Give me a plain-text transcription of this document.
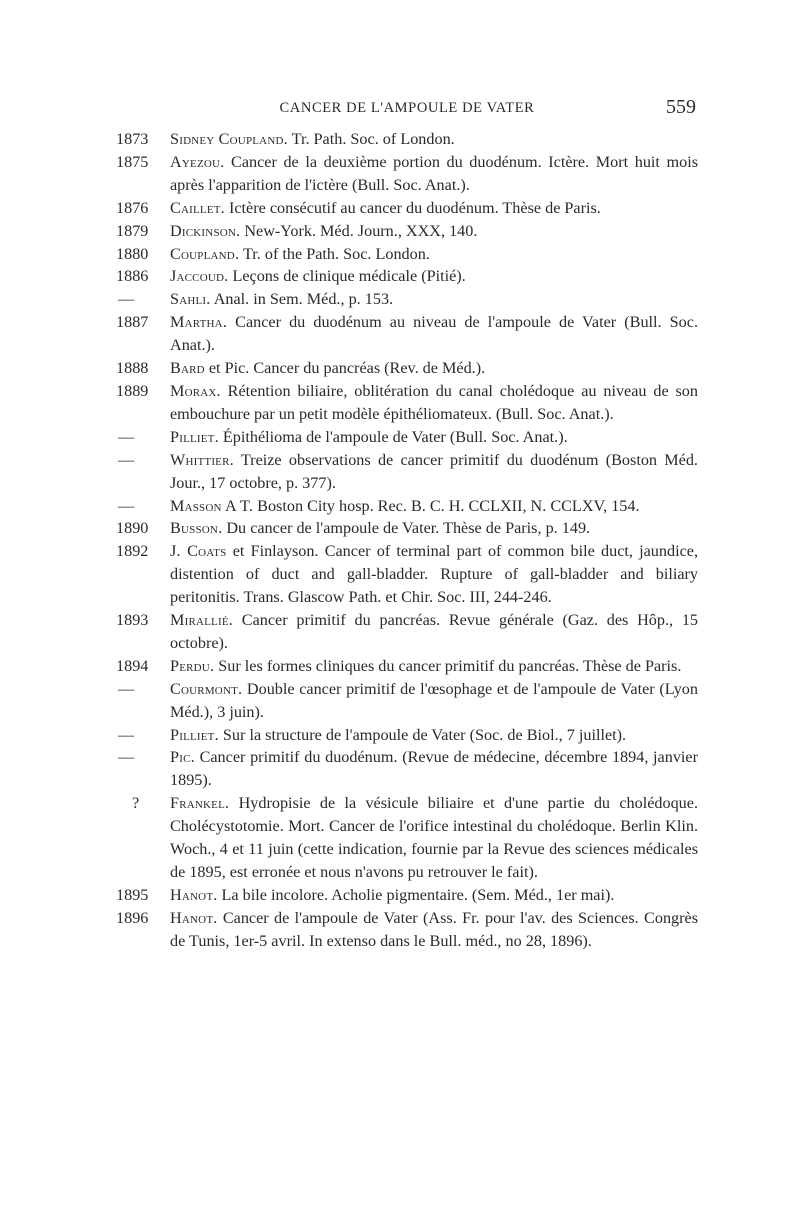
CANCER DE L'AMPOULE DE VATER	559
1873	Sidney Coupland. Tr. Path. Soc. of London.
1875	Ayezou. Cancer de la deuxième portion du duodénum. Ictère. Mort huit mois après l'apparition de l'ictère (Bull. Soc. Anat.).
1876	Caillet. Ictère consécutif au cancer du duodénum. Thèse de Paris.
1879	Dickinson. New-York. Méd. Journ., XXX, 140.
1880	Coupland. Tr. of the Path. Soc. London.
1886	Jaccoud. Leçons de clinique médicale (Pitié).
—	Sahli. Anal. in Sem. Méd., p. 153.
1887	Martha. Cancer du duodénum au niveau de l'ampoule de Vater (Bull. Soc. Anat.).
1888	Bard et Pic. Cancer du pancréas (Rev. de Méd.).
1889	Morax. Rétention biliaire, oblitération du canal cholédoque au niveau de son embouchure par un petit modèle épithéliomateux. (Bull. Soc. Anat.).
—	Pilliet. Épithélioma de l'ampoule de Vater (Bull. Soc. Anat.).
—	Whittier. Treize observations de cancer primitif du duodénum (Boston Méd. Jour., 17 octobre, p. 377).
—	Masson A T. Boston City hosp. Rec. B. C. H. CCLXII, N. CCLXV, 154.
1890	Busson. Du cancer de l'ampoule de Vater. Thèse de Paris, p. 149.
1892	J. Coats et Finlayson. Cancer of terminal part of common bile duct, jaundice, distention of duct and gall-bladder. Rupture of gall-bladder and biliary peritonitis. Trans. Glascow Path. et Chir. Soc. III, 244-246.
1893	Mirallié. Cancer primitif du pancréas. Revue générale (Gaz. des Hôp., 15 octobre).
1894	Perdu. Sur les formes cliniques du cancer primitif du pancréas. Thèse de Paris.
—	Courmont. Double cancer primitif de l'œsophage et de l'ampoule de Vater (Lyon Méd.), 3 juin).
—	Pilliet. Sur la structure de l'ampoule de Vater (Soc. de Biol., 7 juillet).
—	Pic. Cancer primitif du duodénum. (Revue de médecine, décembre 1894, janvier 1895).
?	Frankel. Hydropisie de la vésicule biliaire et d'une partie du cholédoque. Cholécystotomie. Mort. Cancer de l'orifice intestinal du cholédoque. Berlin Klin. Woch., 4 et 11 juin (cette indication, fournie par la Revue des sciences médicales de 1895, est erronée et nous n'avons pu retrouver le fait).
1895	Hanot. La bile incolore. Acholie pigmentaire. (Sem. Méd., 1er mai).
1896	Hanot. Cancer de l'ampoule de Vater (Ass. Fr. pour l'av. des Sciences. Congrès de Tunis, 1er-5 avril. In extenso dans le Bull. méd., no 28, 1896).
